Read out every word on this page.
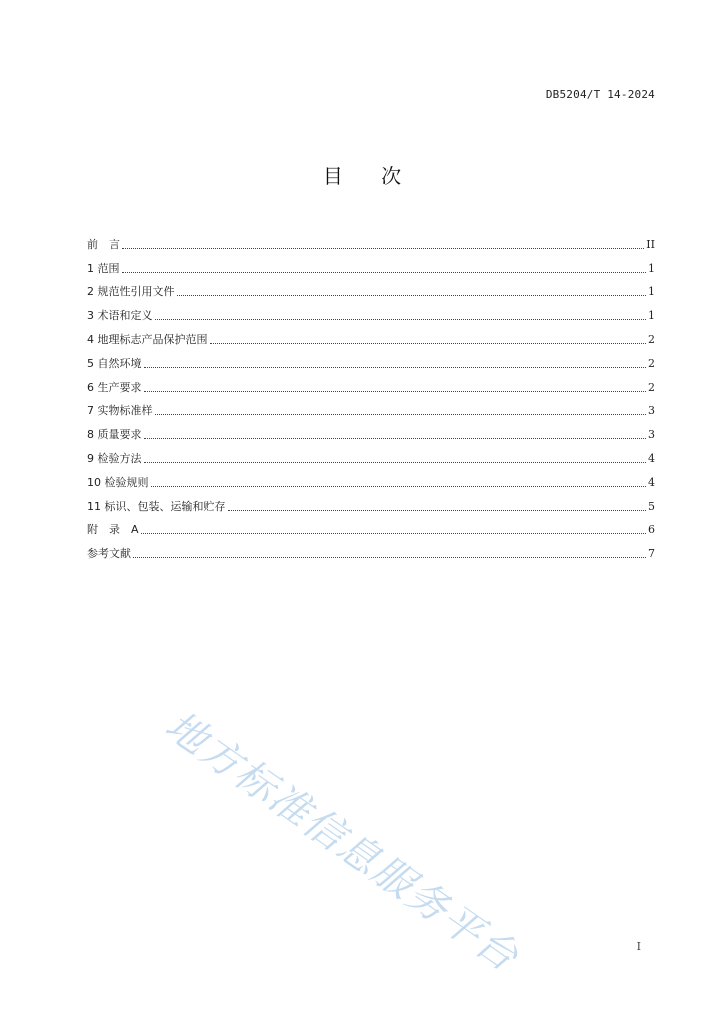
DB5204/T 14-2024
目 次
前　言	II
1 范围	1
2 规范性引用文件	1
3 术语和定义	1
4 地理标志产品保护范围	2
5 自然环境	2
6 生产要求	2
7 实物标准样	3
8 质量要求	3
9 检验方法	4
10 检验规则	4
11 标识、包装、运输和贮存	5
附　录　A	6
参考文献	7
地方标准信息服务平台	I
